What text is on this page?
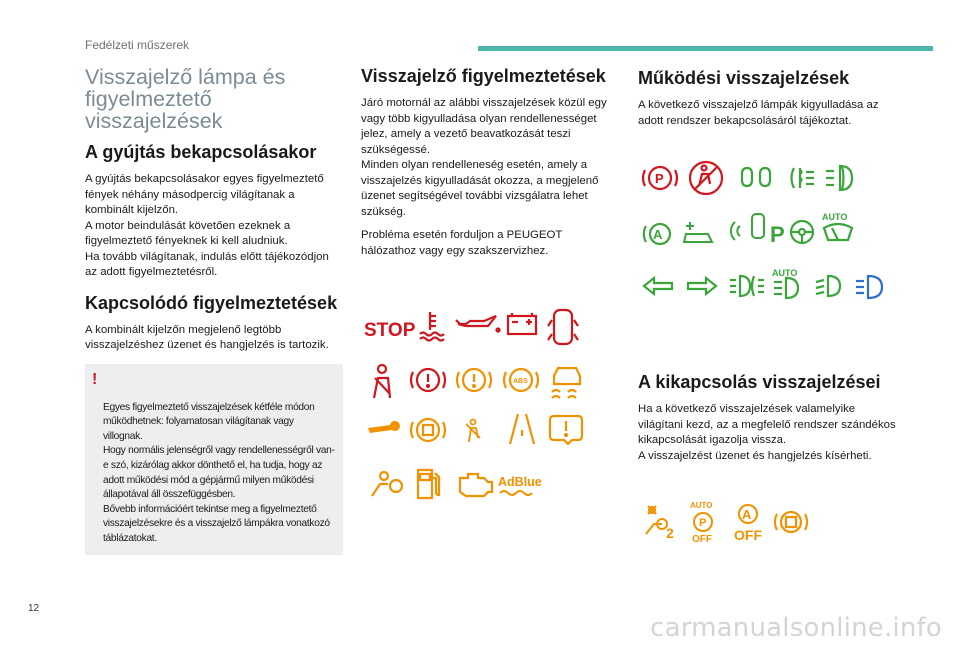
Fedélzeti műszerek
Visszajelző lámpa és figyelmeztető visszajelzések
A gyújtás bekapcsolásakor

A gyújtás bekapcsolásakor egyes figyelmeztető fények néhány másodpercig világítanak a kombinált kijelzőn.
A motor beindulását követően ezeknek a figyelmeztető fényeknek ki kell aludniuk.
Ha tovább világítanak, indulás előtt tájékozódjon az adott figyelmeztetésről.

Kapcsolódó figyelmeztetések

A kombinált kijelzőn megjelenő legtöbb visszajelzéshez üzenet és hangjelzés is tartozik.

!

Egyes figyelmeztető visszajelzések kétféle módon működhetnek: folyamatosan világítanak vagy villognak.
Hogy normális jelenségről vagy rendellenességről van-e szó, kizárólag akkor dönthető el, ha tudja, hogy az adott működési mód a gépjármű milyen működési állapotával áll összefüggésben.
Bővebb információért tekintse meg a figyelmeztető visszajelzésekre és a visszajelző lámpákra vonatkozó táblázatokat.

Visszajelző figyelmeztetések

Járó motornál az alábbi visszajelzések közül egy vagy több kigyulladása olyan rendellenességet jelez, amely a vezető beavatkozását teszi szükségessé.
Minden olyan rendelleneség esetén, amely a visszajelzés kigyulladását okozza, a megjelenő üzenet segítségével további vizsgálatra lehet szükség.

Probléma esetén forduljon a PEUGEOT hálózathoz vagy egy szakszervizhez.

STOP
ABS
AdBlue
Működési visszajelzések

A következő visszajelző lámpák kigyulladása az adott rendszer bekapcsolásáról tájékoztat.

P
A	P
AUTO
AUTO
A kikapcsolás visszajelzései

Ha a következő visszajelzések valamelyike világítani kezd, az a megfelelő rendszer szándékos kikapcsolását igazolja vissza.
A visszajelzést üzenet és hangjelzés kísérheti.

2
AUTO
P
OFF
A
OFF
12
carmanualsonline.info
